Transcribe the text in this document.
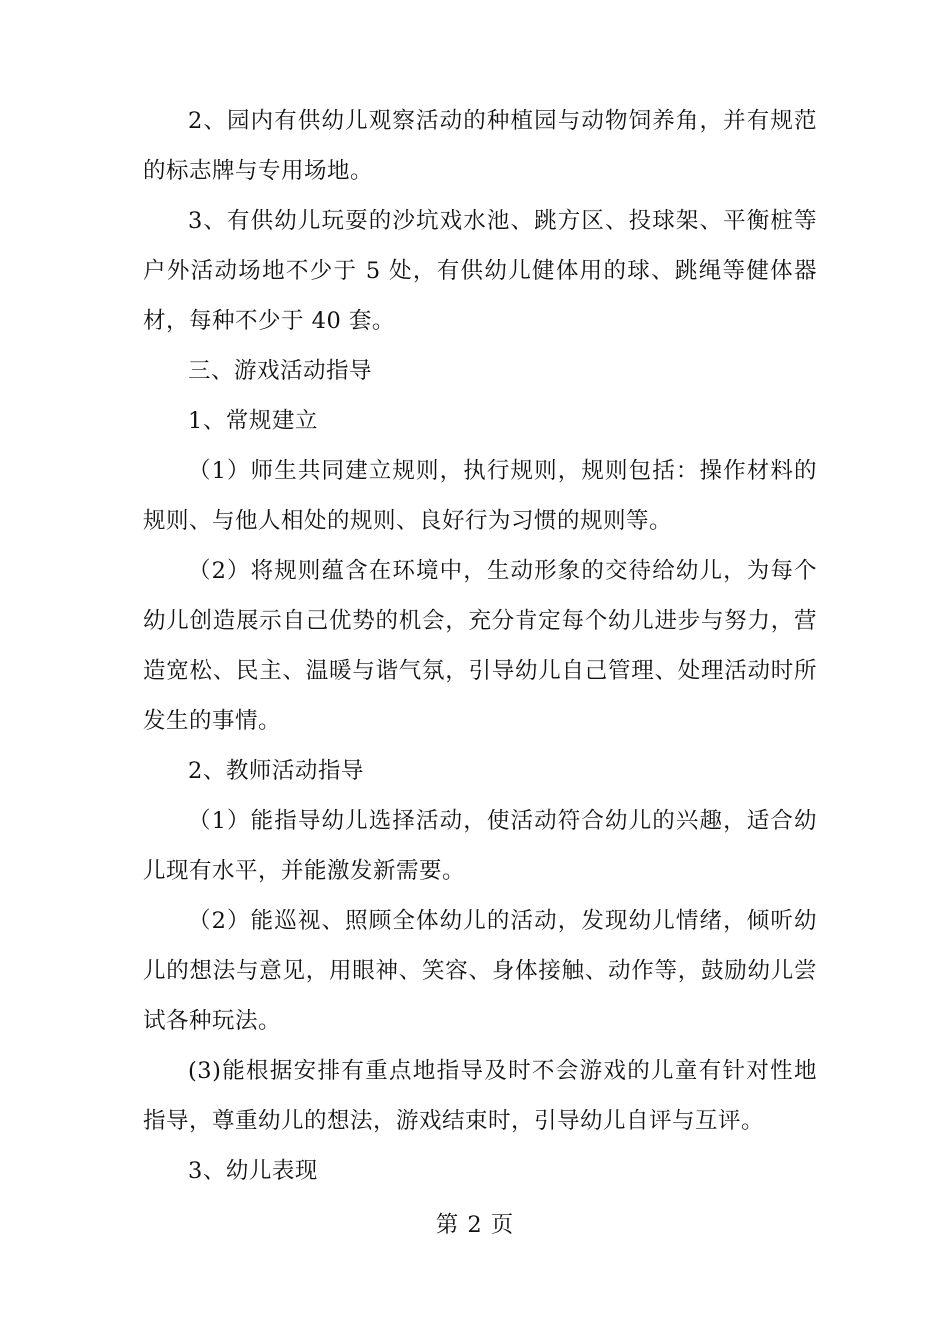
2、园内有供幼儿观察活动的种植园与动物饲养角，并有规范的标志牌与专用场地。

3、有供幼儿玩耍的沙坑戏水池、跳方区、投球架、平衡桩等户外活动场地不少于 5 处，有供幼儿健体用的球、跳绳等健体器材，每种不少于 40 套。

三、游戏活动指导

1、常规建立

（1）师生共同建立规则，执行规则，规则包括：操作材料的规则、与他人相处的规则、良好行为习惯的规则等。

（2）将规则蕴含在环境中，生动形象的交待给幼儿，为每个幼儿创造展示自己优势的机会，充分肯定每个幼儿进步与努力，营造宽松、民主、温暖与谐气氛，引导幼儿自己管理、处理活动时所发生的事情。

2、教师活动指导

（1）能指导幼儿选择活动，使活动符合幼儿的兴趣，适合幼儿现有水平，并能激发新需要。

（2）能巡视、照顾全体幼儿的活动，发现幼儿情绪，倾听幼儿的想法与意见，用眼神、笑容、身体接触、动作等，鼓励幼儿尝试各种玩法。

(3)能根据安排有重点地指导及时不会游戏的儿童有针对性地指导，尊重幼儿的想法，游戏结束时，引导幼儿自评与互评。

3、幼儿表现

第 2 页
